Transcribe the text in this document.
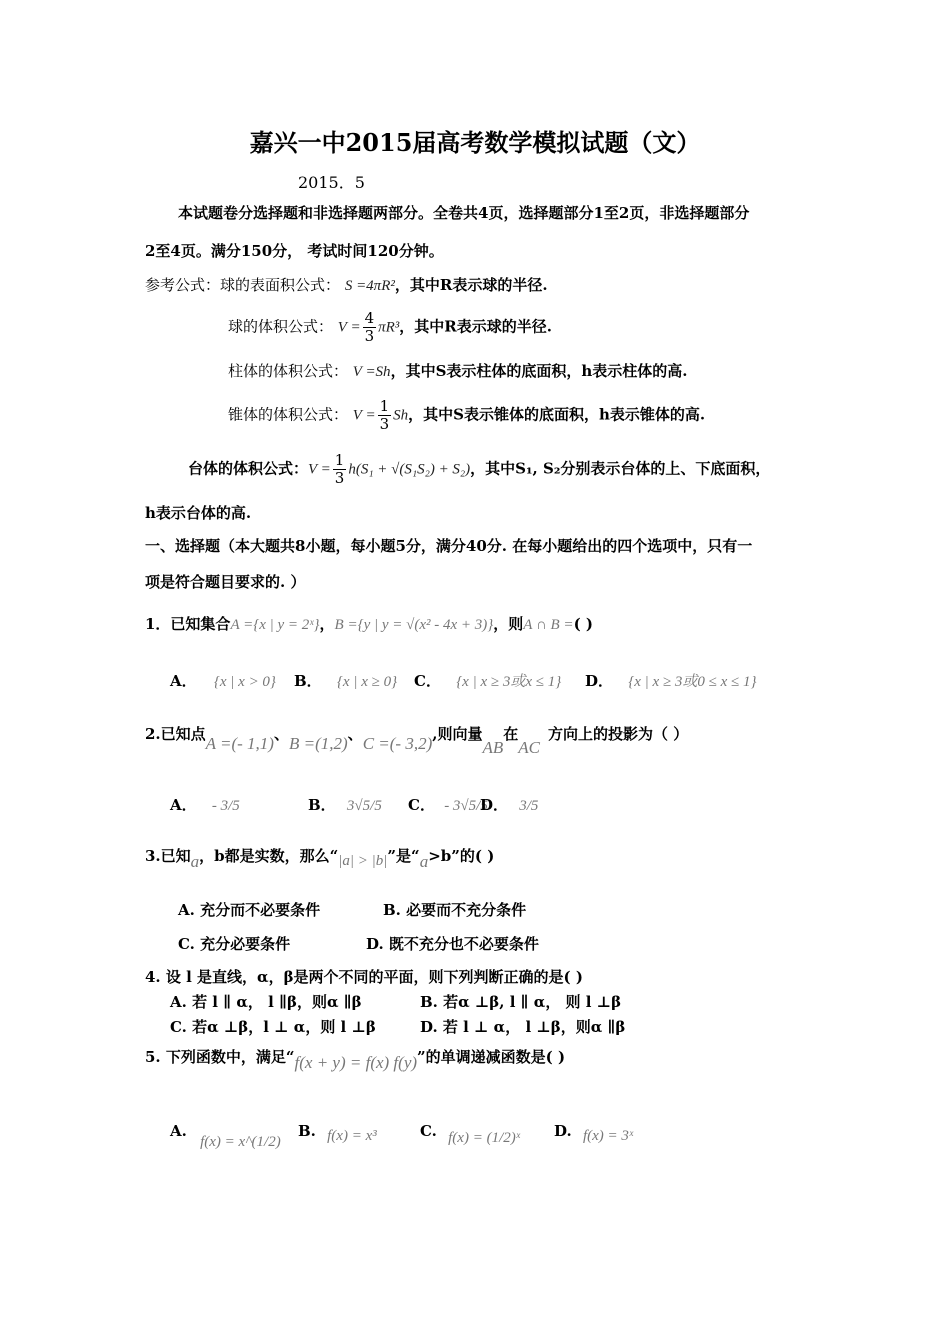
嘉兴一中2015届高考数学模拟试题（文）
2015．5
本试题卷分选择题和非选择题两部分。全卷共4页，选择题部分1至2页，非选择题部分
2至4页。满分150分， 考试时间120分钟。
参考公式：球的表面积公式： S =4πR²，其中R表示球的半径.
球的体积公式： $V = \frac{4}{3} \pi R^3$，其中R表示球的半径.
柱体的体积公式： V =Sh，其中S表示柱体的底面积，h表示柱体的高.
锥体的体积公式： $V = \frac{1}{3}$ Sh，其中S表示锥体的底面积，h表示锥体的高.
台体的体积公式：$V = \frac{1}{3} h(S_1 + √(S_1S_2) + S_2)$，其中S₁, S₂分别表示台体的上、下底面积，
h表示台体的高.
一、选择题（本大题共8小题，每小题5分，满分40分. 在每小题给出的四个选项中，只有一
项是符合题目要求的. ）
1．已知集合A ={x | y = 2ˣ}，B ={y | y = √(x² - 4x + 3)}，则A ∩ B =( )
A． {x | x > 0} B． {x | x ≥ 0} C． {x | x ≥ 3或x ≤ 1} D． {x | x ≥ 3或0 ≤ x ≤ 1}
2.已知点A =(- 1,1)、B =(1,2)、C =(- 3,2),则向量AB在AC方向上的投影为（ ）
A． - 3/5	B． 3√5/5 C． - 3√5/5
D． 3/5
3.已知a，b都是实数，那么“|a| > |b|”是“a>b”的( )
A. 充分而不必要条件	B. 必要而不充分条件
C. 充分必要条件	D. 既不充分也不必要条件
4. 设 l 是直线，α，β是两个不同的平面，则下列判断正确的是( )
A. 若 l ∥ α， l ∥β，则α ∥β	B. 若α ⊥β, l ∥ α， 则 l ⊥β
C. 若α ⊥β，l ⊥ α，则 l ⊥β	D. 若 l ⊥ α， l ⊥β，则α ∥β
5. 下列函数中，满足“f(x + y) = f(x) f(y)”的单调递减函数是( )
A. f(x) = x^(1/2)
B. f(x) = x³	C. f(x) = (1/2)ˣ D. f(x) = 3ˣ
